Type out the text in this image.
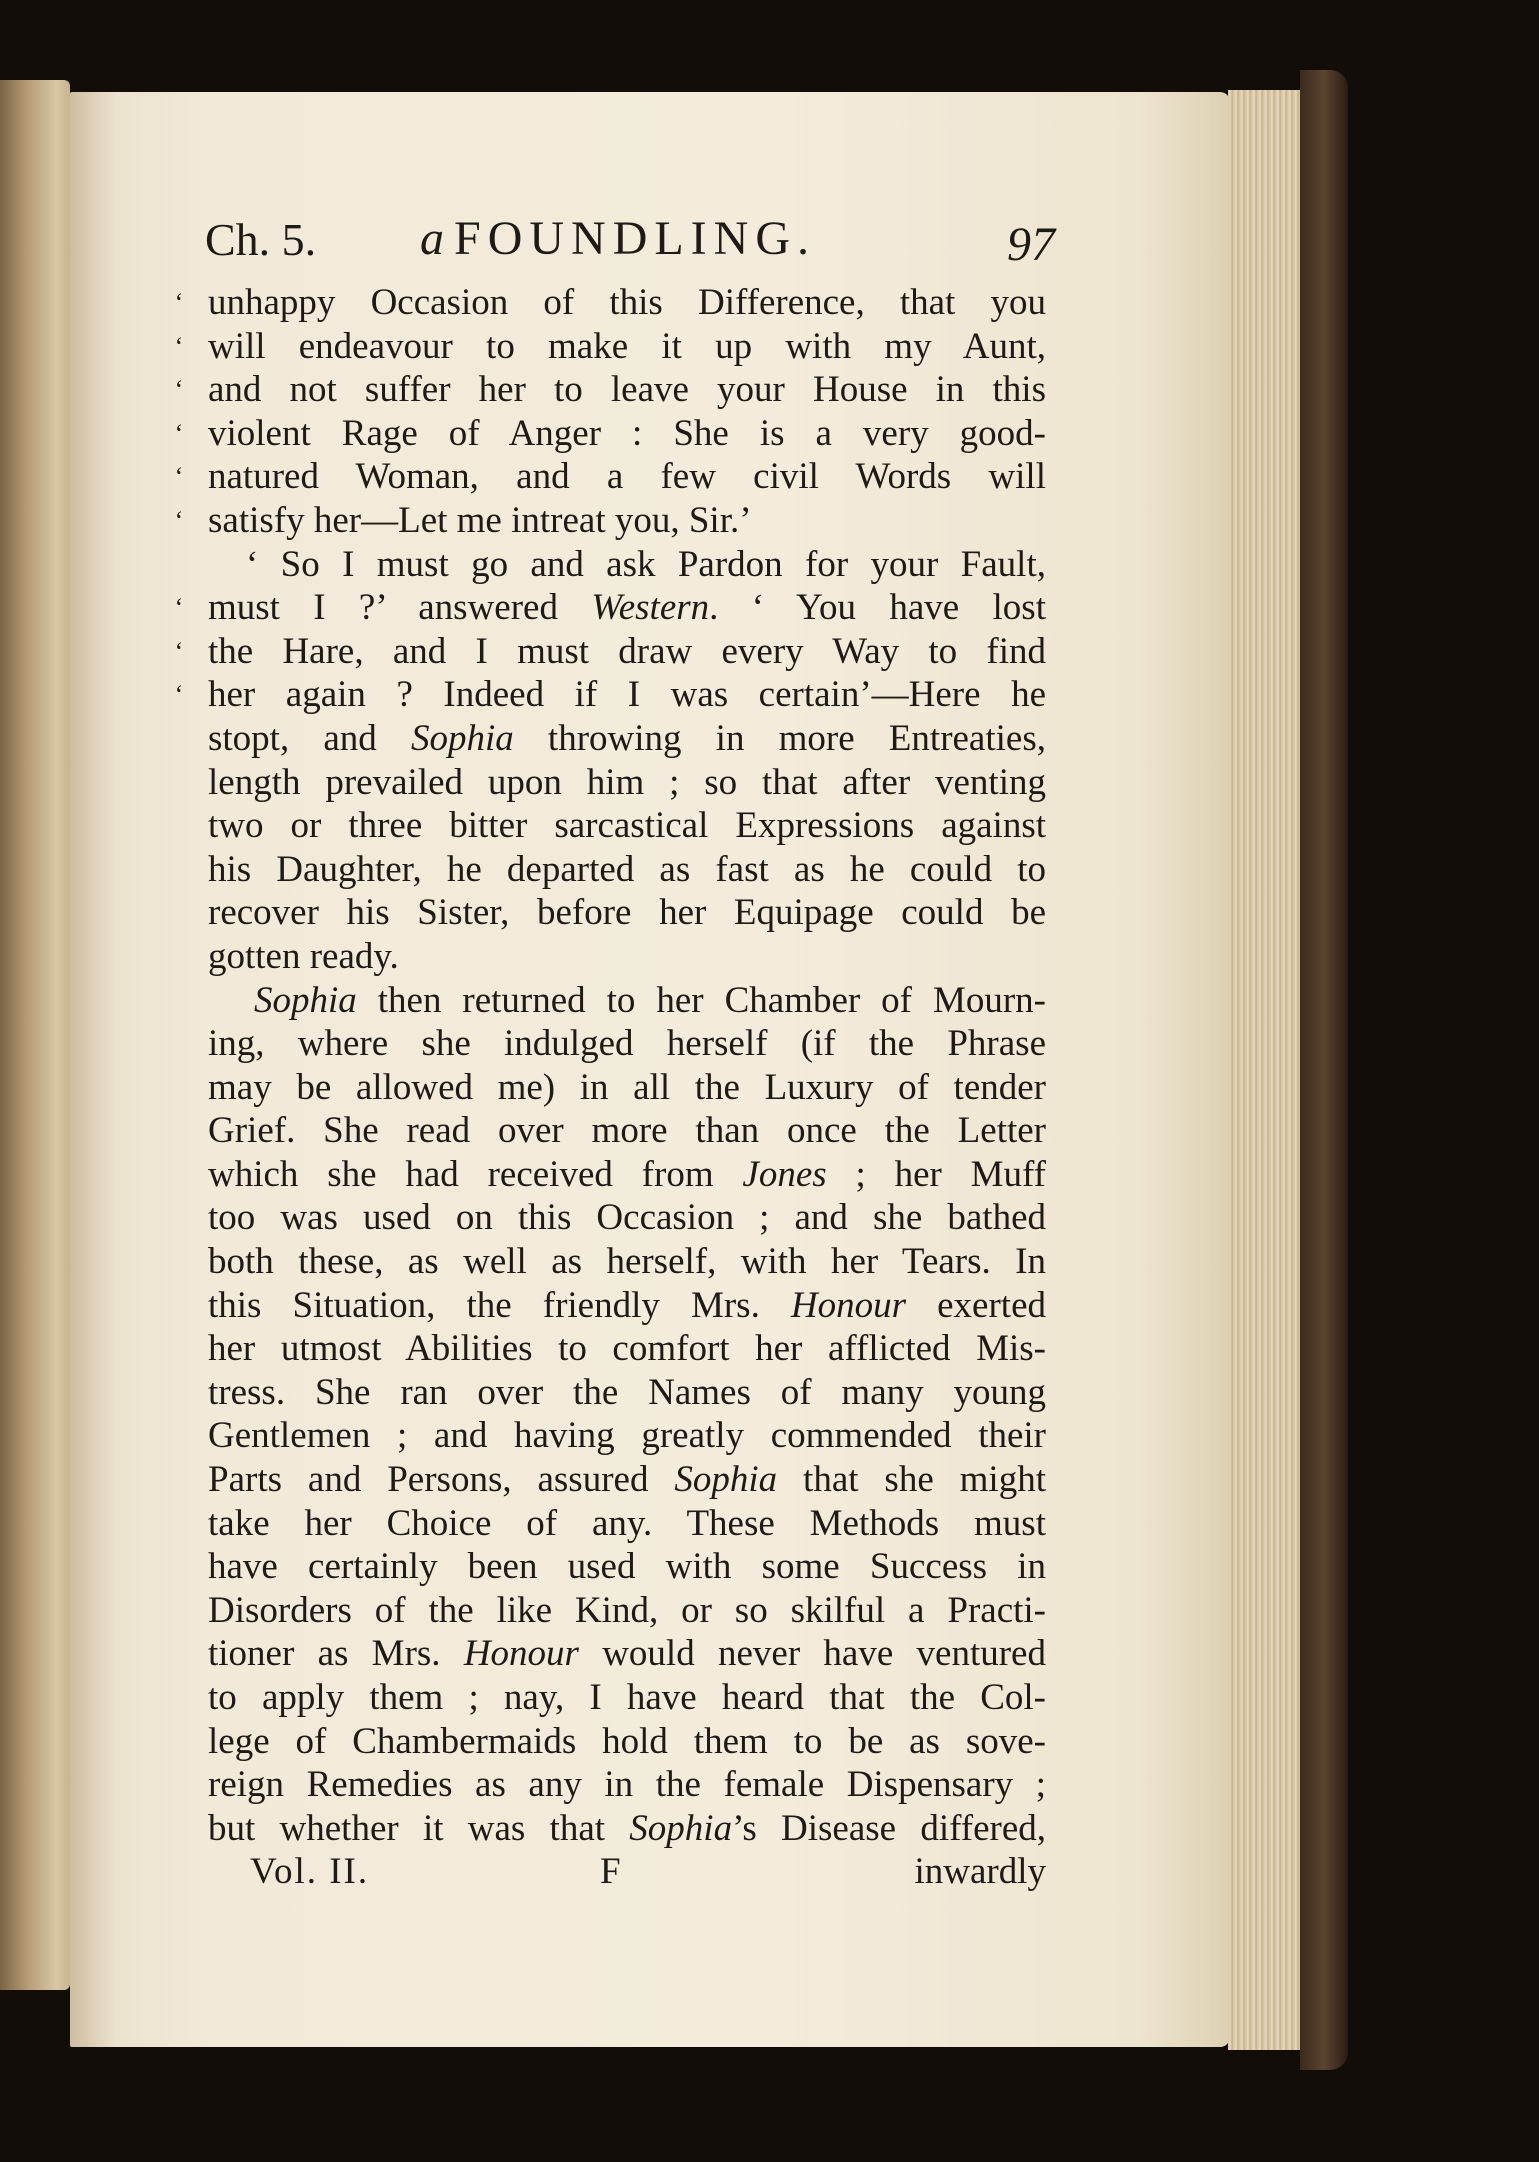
Ch. 5. a FOUNDLING.	97
‘ unhappy Occasion of this Difference, that you
‘ will endeavour to make it up with my Aunt,
‘ and not suffer her to leave your House in this
‘ violent Rage of Anger : She is a very good-
‘ natured Woman, and a few civil Words will
‘ satisfy her—Let me intreat you, Sir.’
‘ So I must go and ask Pardon for your Fault,
‘ must I ?’ answered Western. ‘ You have lost
‘ the Hare, and I must draw every Way to find
‘ her again ? Indeed if I was certain’—Here he
stopt, and Sophia throwing in more Entreaties,
length prevailed upon him ; so that after venting
two or three bitter sarcastical Expressions against
his Daughter, he departed as fast as he could to
recover his Sister, before her Equipage could be
gotten ready.
Sophia then returned to her Chamber of Mourn-
ing, where she indulged herself (if the Phrase
may be allowed me) in all the Luxury of tender
Grief. She read over more than once the Letter
which she had received from Jones ; her Muff
too was used on this Occasion ; and she bathed
both these, as well as herself, with her Tears. In
this Situation, the friendly Mrs. Honour exerted
her utmost Abilities to comfort her afflicted Mis-
tress. She ran over the Names of many young
Gentlemen ; and having greatly commended their
Parts and Persons, assured Sophia that she might
take her Choice of any. These Methods must
have certainly been used with some Success in
Disorders of the like Kind, or so skilful a Practi-
tioner as Mrs. Honour would never have ventured
to apply them ; nay, I have heard that the Col-
lege of Chambermaids hold them to be as sove-
reign Remedies as any in the female Dispensary ;
but whether it was that Sophia’s Disease differed,
Vol. II.	F	inwardly
